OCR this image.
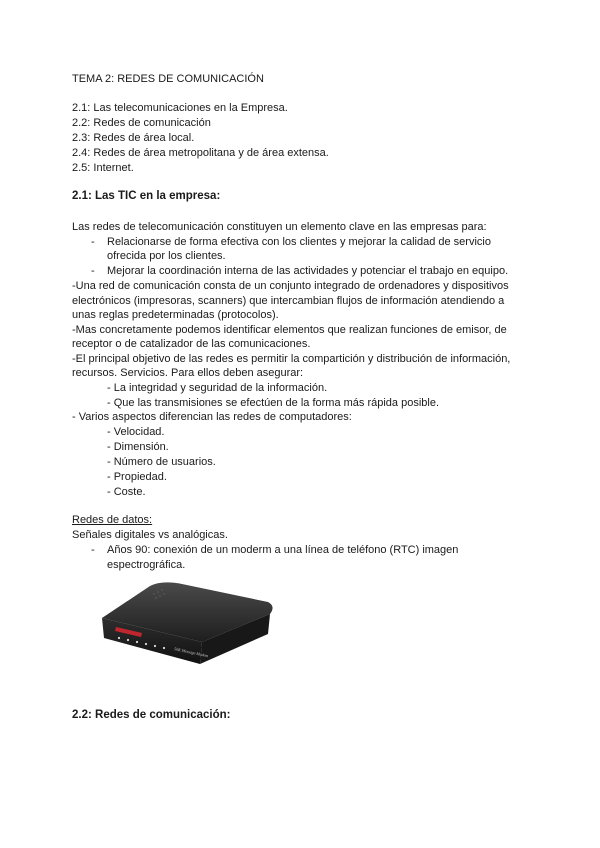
TEMA 2: REDES DE COMUNICACIÓN
2.1: Las telecomunicaciones en la Empresa.
2.2: Redes de comunicación
2.3: Redes de área local.
2.4: Redes de área metropolitana y de área extensa.
2.5: Internet.
2.1: Las TIC en la empresa:
Las redes de telecomunicación constituyen un elemento clave en las empresas para:
- Relacionarse de forma efectiva con los clientes y mejorar la calidad de servicio
ofrecida por los clientes.
- Mejorar la coordinación interna de las actividades y potenciar el trabajo en equipo.
-Una red de comunicación consta de un conjunto integrado de ordenadores y dispositivos
electrónicos (impresoras, scanners) que intercambian flujos de información atendiendo a
unas reglas predeterminadas (protocolos).
-Mas concretamente podemos identificar elementos que realizan funciones de emisor, de
receptor o de catalizador de las comunicaciones.
-El principal objetivo de las redes es permitir la compartición y distribución de información,
recursos. Servicios. Para ellos deben asegurar:
- La integridad y seguridad de la información.
- Que las transmisiones se efectúen de la forma más rápida posible.
- Varios aspectos diferencian las redes de computadores:
- Velocidad.
- Dimensión.
- Número de usuarios.
- Propiedad.
- Coste.
Redes de datos:
Señales digitales vs analógicas.
- Años 90: conexión de un moderm a una línea de teléfono (RTC) imagen
espectrográfica.
56K Message Modem
2.2: Redes de comunicación:
